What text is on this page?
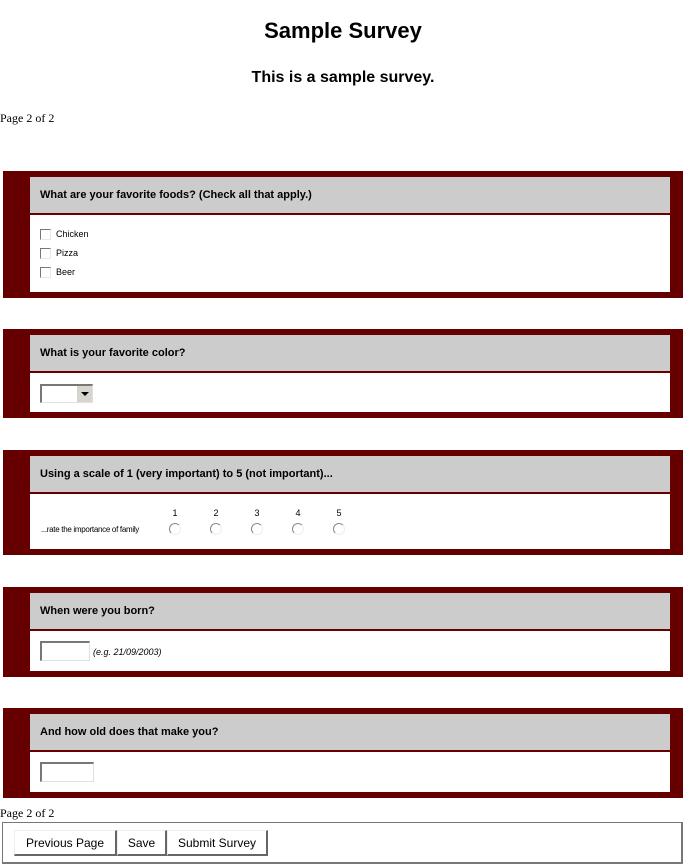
Sample Survey
This is a sample survey.
Page 2 of 2
What are your favorite foods? (Check all that apply.)
Chicken
Pizza
Beer
What is your favorite color?
Using a scale of 1 (very important) to 5 (not important)...
1	2	3	4	5
...rate the importance of family
When were you born?
(e.g. 21/09/2003)
And how old does that make you?
Page 2 of 2
Previous Page	Save	Submit Survey
